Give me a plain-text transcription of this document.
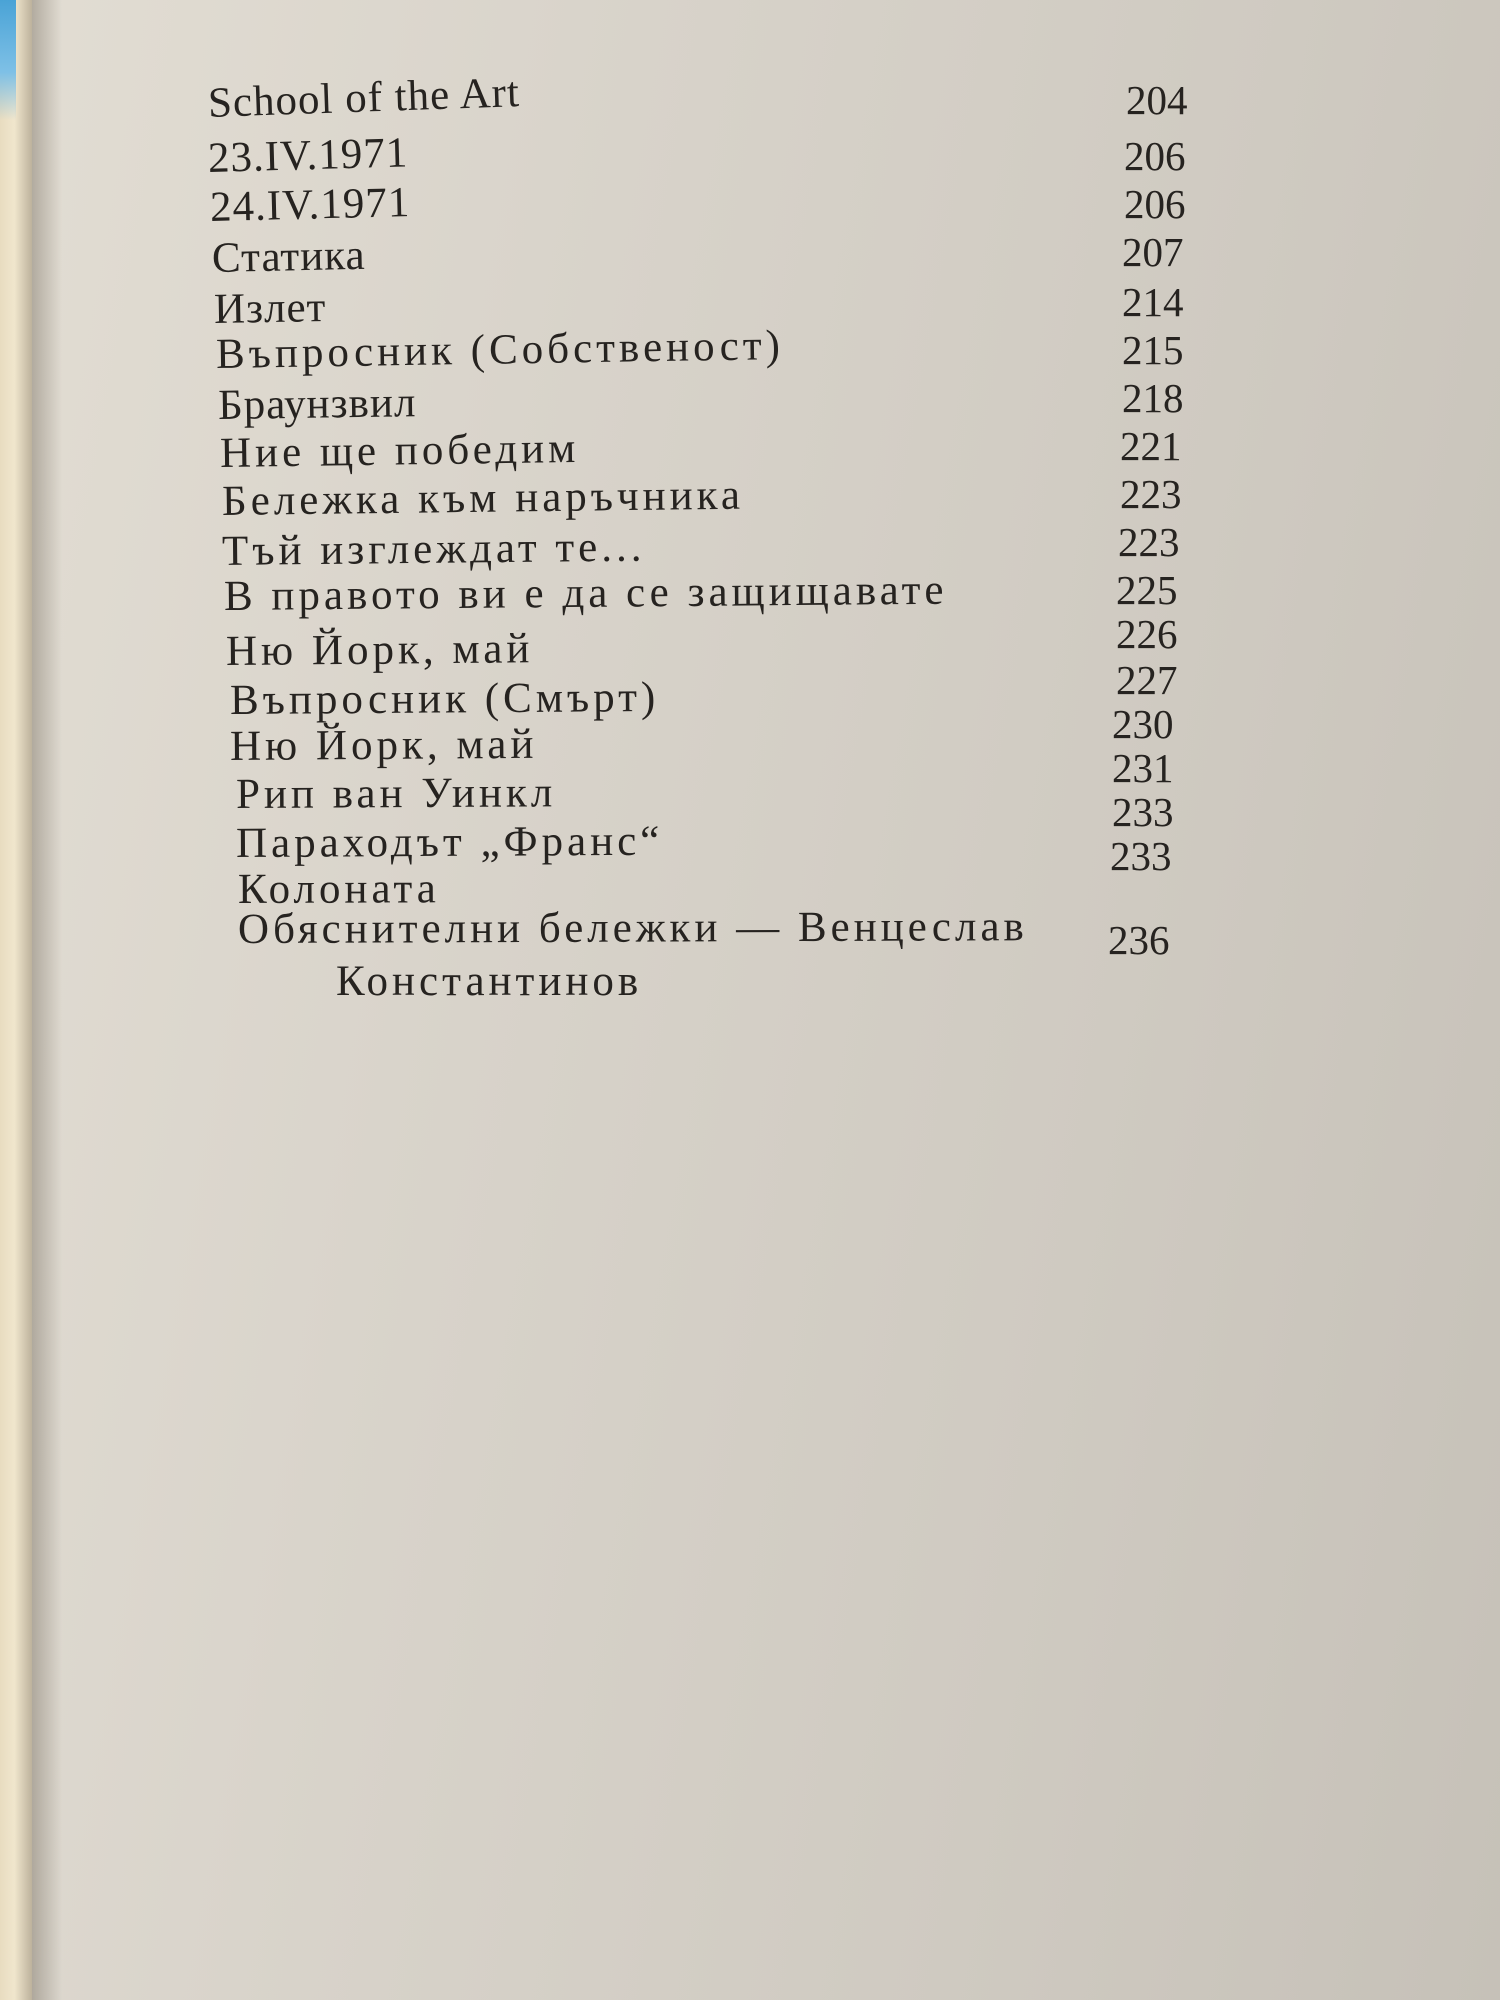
School of the Art
23.IV.1971
24.IV.1971
Статика
Излет
Въпросник (Собственост)
Браунзвил
Ние ще победим
Бележка към наръчника
Тъй изглеждат те...
В правото ви е да се защищавате
Ню Йорк, май
Въпросник (Смърт)
Ню Йорк, май
Рип ван Уинкл
Параходът „Франс“
Колоната
Обяснителни бележки — Венцеслав
Константинов
204
206
206
207
214
215
218
221
223
223
225
226
227
230
231
233
233
236
